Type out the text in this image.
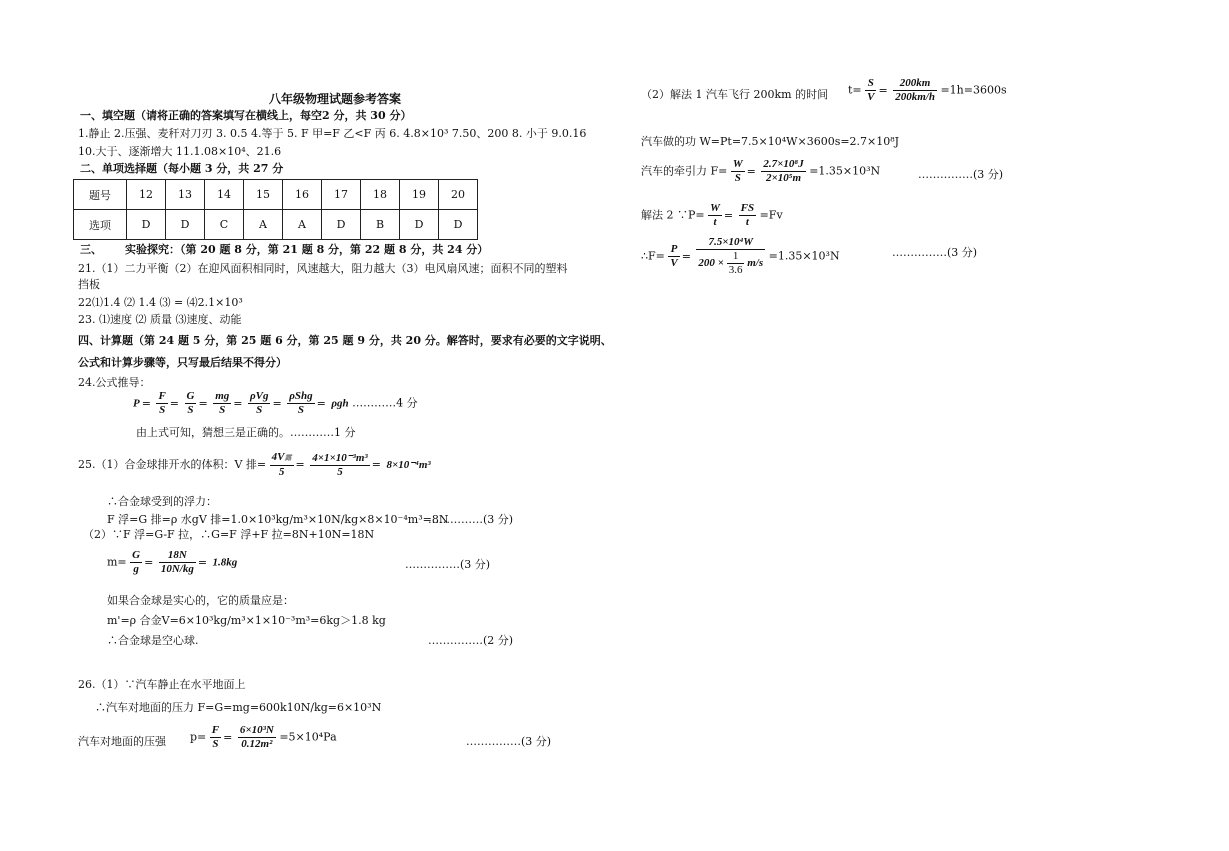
八年级物理试题参考答案
一、填空题（请将正确的答案填写在横线上，每空2 分，共 30 分）
1.静止 2.压强、麦秆对刀刃 3. 0.5 4.等于 5. F 甲=F 乙<F 丙 6. 4.8×10³ 7.50、200 8. 小于 9.0.16
10.大于、逐渐增大 11.1.08×10⁴、21.6
二、单项选择题（每小题 3 分，共 27 分
题号	12	13	14	15	16	17	18	19	20
选项	D	D	C	A	A	D	B	D	D
三、 实验探究：（第 20 题 8 分，第 21 题 8 分，第 22 题 8 分，共 24 分）
21.（1）二力平衡（2）在迎风面积相同时，风速越大，阻力越大（3）电风扇风速；面积不同的塑料
挡板
22⑴1.4 ⑵ 1.4 ⑶ = ⑷2.1×10³
23. ⑴速度 ⑵ 质量 ⑶速度、动能
四、计算题（第 24 题 5 分，第 25 题 6 分，第 25 题 9 分，共 20 分。解答时，要求有必要的文字说明、
公式和计算步骤等，只写最后结果不得分）
24.公式推导：
$P = \frac{F}{S} = \frac{G}{S} = \frac{mg}{S}$ =
ρVg
S
=
ρShg
S
= ρgh …………4 分
由上式可知，猜想三是正确的。…………1 分
25.（1）合金球排开水的体积：V 排=
4V露
5
= $\frac{\text{4×1×10⁻³m³}}{5} = 8\times 10^{-4}m^3$
∴合金球受到的浮力：
F 浮=G 排=ρ 水gV 排=1.0×10³kg/m³×10N/kg×8×10⁻⁴m³=8N
……………(3 分)
（2）∵F 浮=G-F 拉，∴G=F 浮+F 拉=8N+10N=18N
$m= \frac{G}{g} = \frac{18N}{10N/kg} = 1.8kg$	……………(3 分)
如果合金球是实心的，它的质量应是：
m'=ρ 合金V=6×10³kg/m³×1×10⁻³m³=6kg＞1.8 kg
∴合金球是空心球.	……………(2 分)
26.（1）∵汽车静止在水平地面上
∴汽车对地面的压力 F=G=mg=600k10N/kg=6×10³N
汽车对地面的压强 $p= \frac{F}{S} = \frac{\text{6×10³N}}{\text{0.12m²}} =5\times 10^4Pa$	……………(3 分)
（2）解法 1 汽车飞行 200km 的时间 $t= \frac{S}{V} = \frac{200km}{200km/h} =1h=3600s$
汽车做的功 W=Pt=7.5×10⁴W×3600s=2.7×10⁸J
汽车的牵引力 $F= \frac{W}{S} = \frac{\text{2.7×10⁸J}}{\text{2×10⁵m}} =1.35\times 10^3N$	……………(3 分)
解法 2 ∵P= $\frac{W}{t} = \frac{FS}{t} =Fv$
∴F= $\frac{P}{V} = \frac{\text{7.5×10⁴W}}{200 \times \frac{1}{3.6} m/s} =1.35\times 10^3N$	……………(3 分)
